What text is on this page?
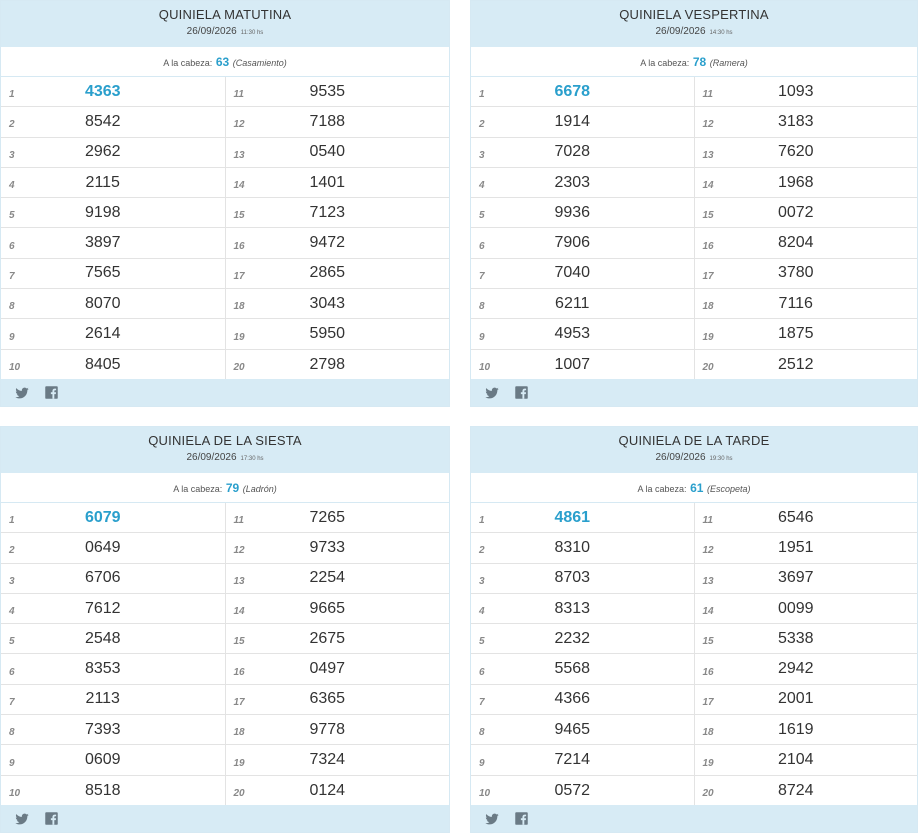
QUINIELA MATUTINA
26/09/2026 11:30 hs
A la cabeza: 63 (Casamiento)
1	4363	11	9535
2	8542	12	7188
3	2962	13	0540
4	2115	14	1401
5	9198	15	7123
6	3897	16	9472
7	7565	17	2865
8	8070	18	3043
9	2614	19	5950
10	8405	20	2798
QUINIELA VESPERTINA
26/09/2026 14:30 hs
A la cabeza: 78 (Ramera)
1	6678	11	1093
2	1914	12	3183
3	7028	13	7620
4	2303	14	1968
5	9936	15	0072
6	7906	16	8204
7	7040	17	3780
8	6211	18	7116
9	4953	19	1875
10	1007	20	2512
QUINIELA DE LA SIESTA
26/09/2026 17:30 hs
A la cabeza: 79 (Ladrón)
1	6079	11	7265
2	0649	12	9733
3	6706	13	2254
4	7612	14	9665
5	2548	15	2675
6	8353	16	0497
7	2113	17	6365
8	7393	18	9778
9	0609	19	7324
10	8518	20	0124
QUINIELA DE LA TARDE
26/09/2026 19:30 hs
A la cabeza: 61 (Escopeta)
1	4861	11	6546
2	8310	12	1951
3	8703	13	3697
4	8313	14	0099
5	2232	15	5338
6	5568	16	2942
7	4366	17	2001
8	9465	18	1619
9	7214	19	2104
10	0572	20	8724
